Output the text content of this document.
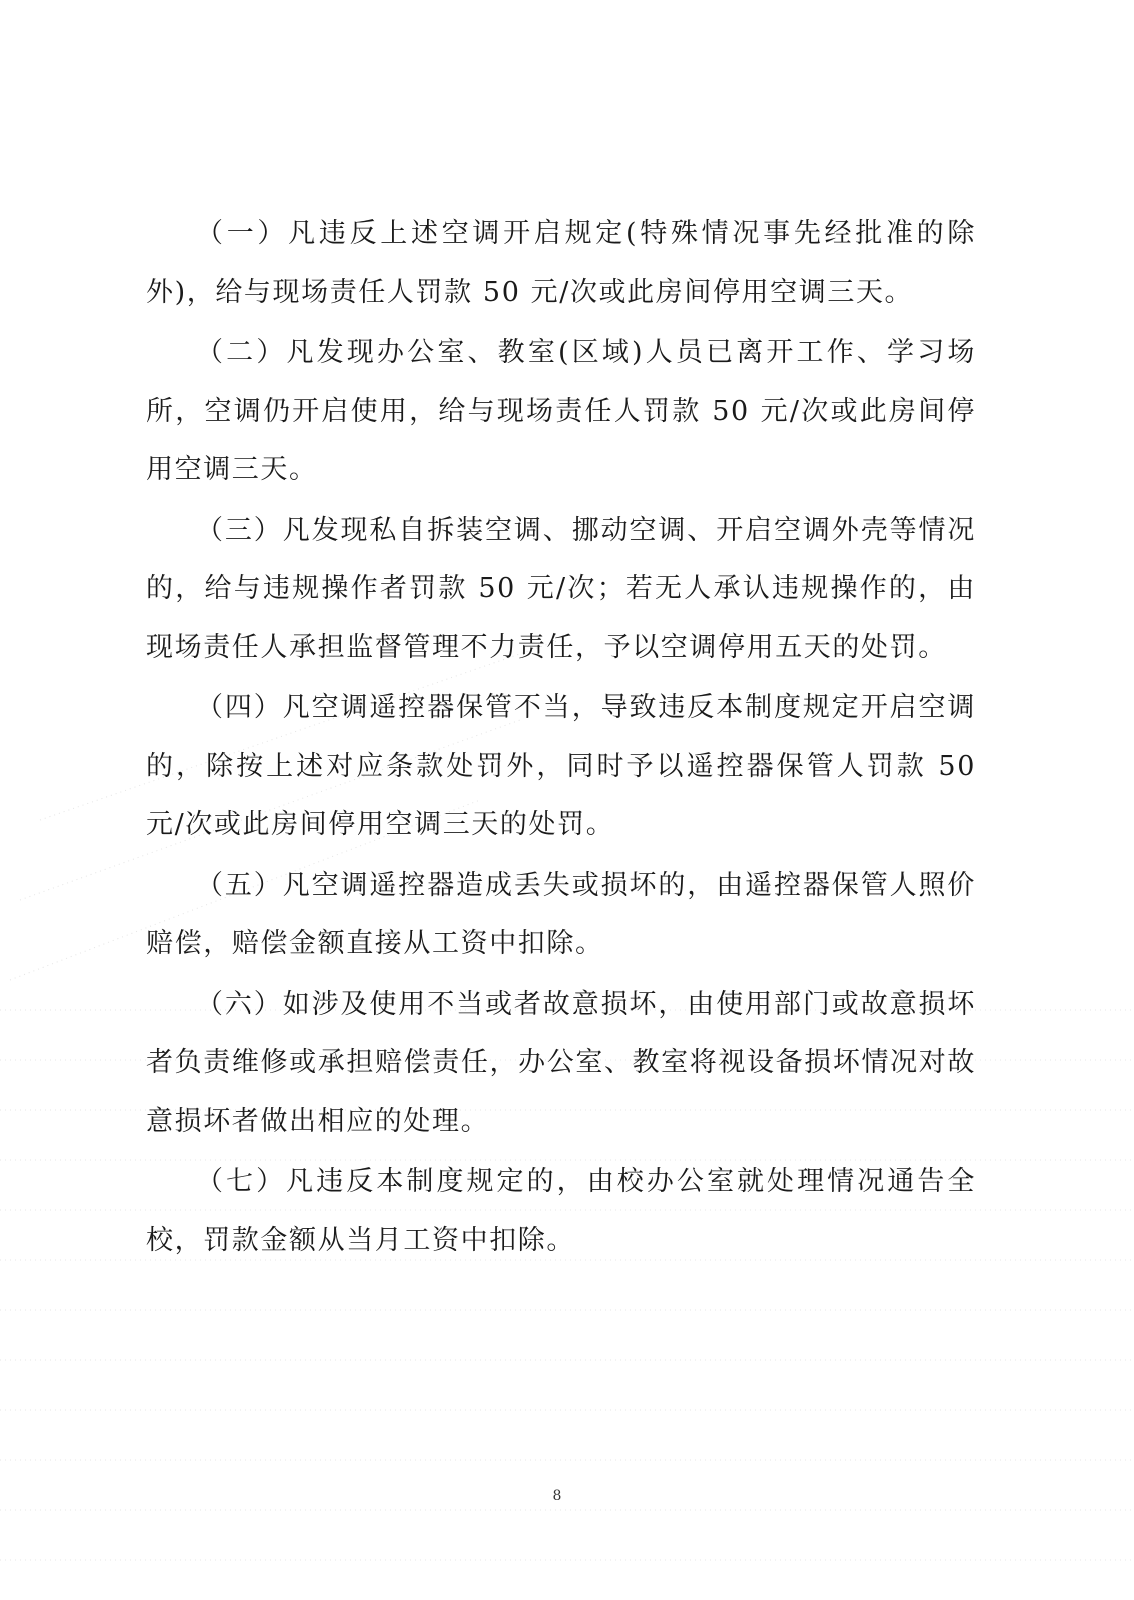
（一）凡违反上述空调开启规定(特殊情况事先经批准的除外)，给与现场责任人罚款 50 元/次或此房间停用空调三天。

（二）凡发现办公室、教室(区域)人员已离开工作、学习场所，空调仍开启使用，给与现场责任人罚款 50 元/次或此房间停用空调三天。

（三）凡发现私自拆装空调、挪动空调、开启空调外壳等情况的，给与违规操作者罚款 50 元/次；若无人承认违规操作的，由现场责任人承担监督管理不力责任，予以空调停用五天的处罚。

（四）凡空调遥控器保管不当，导致违反本制度规定开启空调的，除按上述对应条款处罚外，同时予以遥控器保管人罚款 50 元/次或此房间停用空调三天的处罚。

（五）凡空调遥控器造成丢失或损坏的，由遥控器保管人照价赔偿，赔偿金额直接从工资中扣除。

（六）如涉及使用不当或者故意损坏，由使用部门或故意损坏者负责维修或承担赔偿责任，办公室、教室将视设备损坏情况对故意损坏者做出相应的处理。

（七）凡违反本制度规定的，由校办公室就处理情况通告全校，罚款金额从当月工资中扣除。

8
